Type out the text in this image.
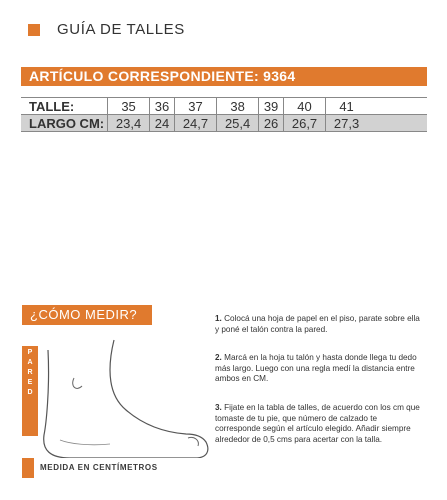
GUÍA DE TALLES
ARTÍCULO CORRESPONDIENTE: 9364
TALLE:	35	36	37	38	39	40	41	
LARGO CM:	23,4	24	24,7	25,4	26	26,7	27,3	
¿CÓMO MEDIR?
P
A
R
E
D
MEDIDA EN CENTÍMETROS
1. Colocá una hoja de papel en el piso, parate sobre ella y poné el talón contra la pared.
2. Marcá en la hoja tu talón y hasta donde llega tu dedo más largo. Luego con una regla medí la distancia entre ambos en CM.
3. Fijate en la tabla de talles, de acuerdo con los cm que tomaste de tu pie, que número de calzado te corresponde según el artículo elegido. Añadir siempre alrededor de 0,5 cms para acertar con la talla.
